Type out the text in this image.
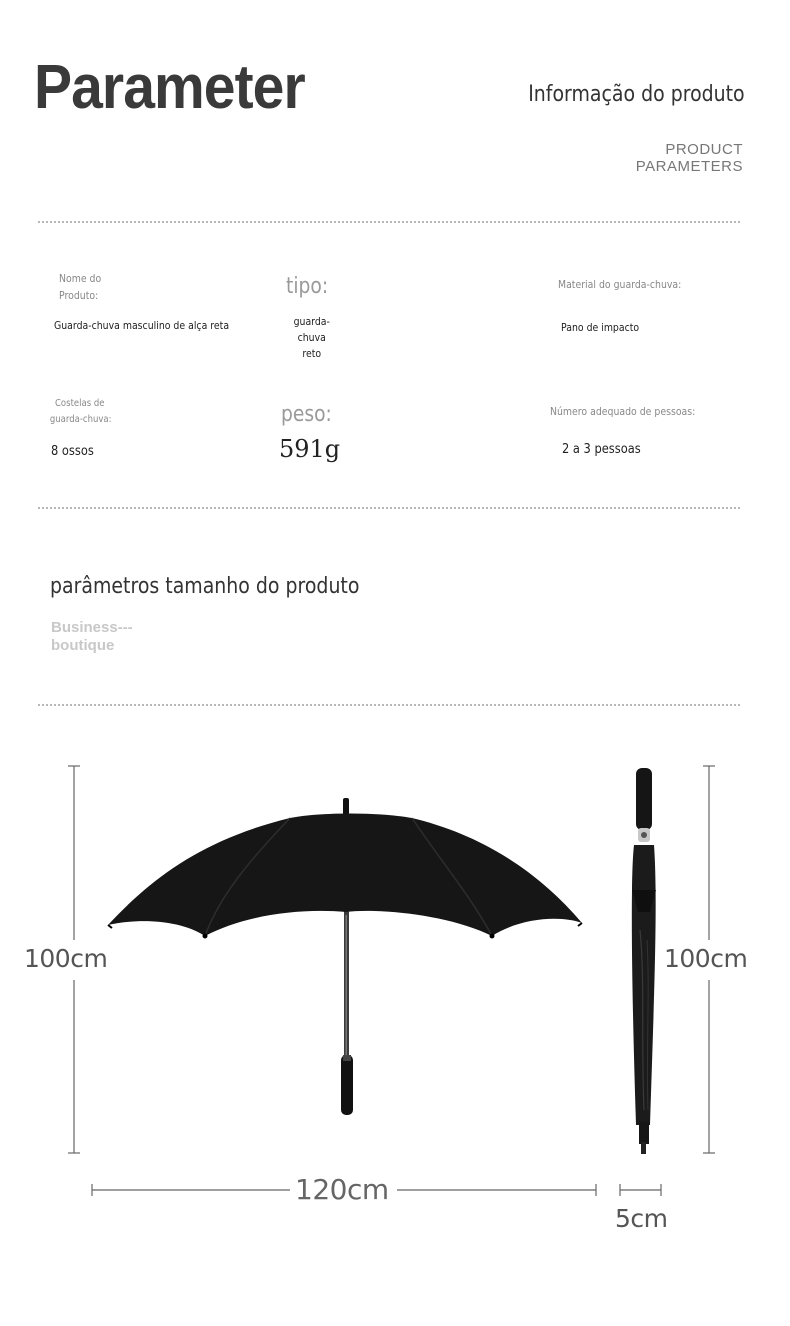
Parameter	Informação do produto
PRODUCT
PARAMETERS
Nome do
Produto:
Guarda-chuva masculino de alça reta
tipo:
guarda-chuva
reto
Material do guarda-chuva:
Pano de impacto
Costelas de
guarda-chuva:
8 ossos
peso:
591g
Número adequado de pessoas:
2 a 3 pessoas
parâmetros tamanho do produto
Business---
boutique
100cm	100cm
120cm
5cm
